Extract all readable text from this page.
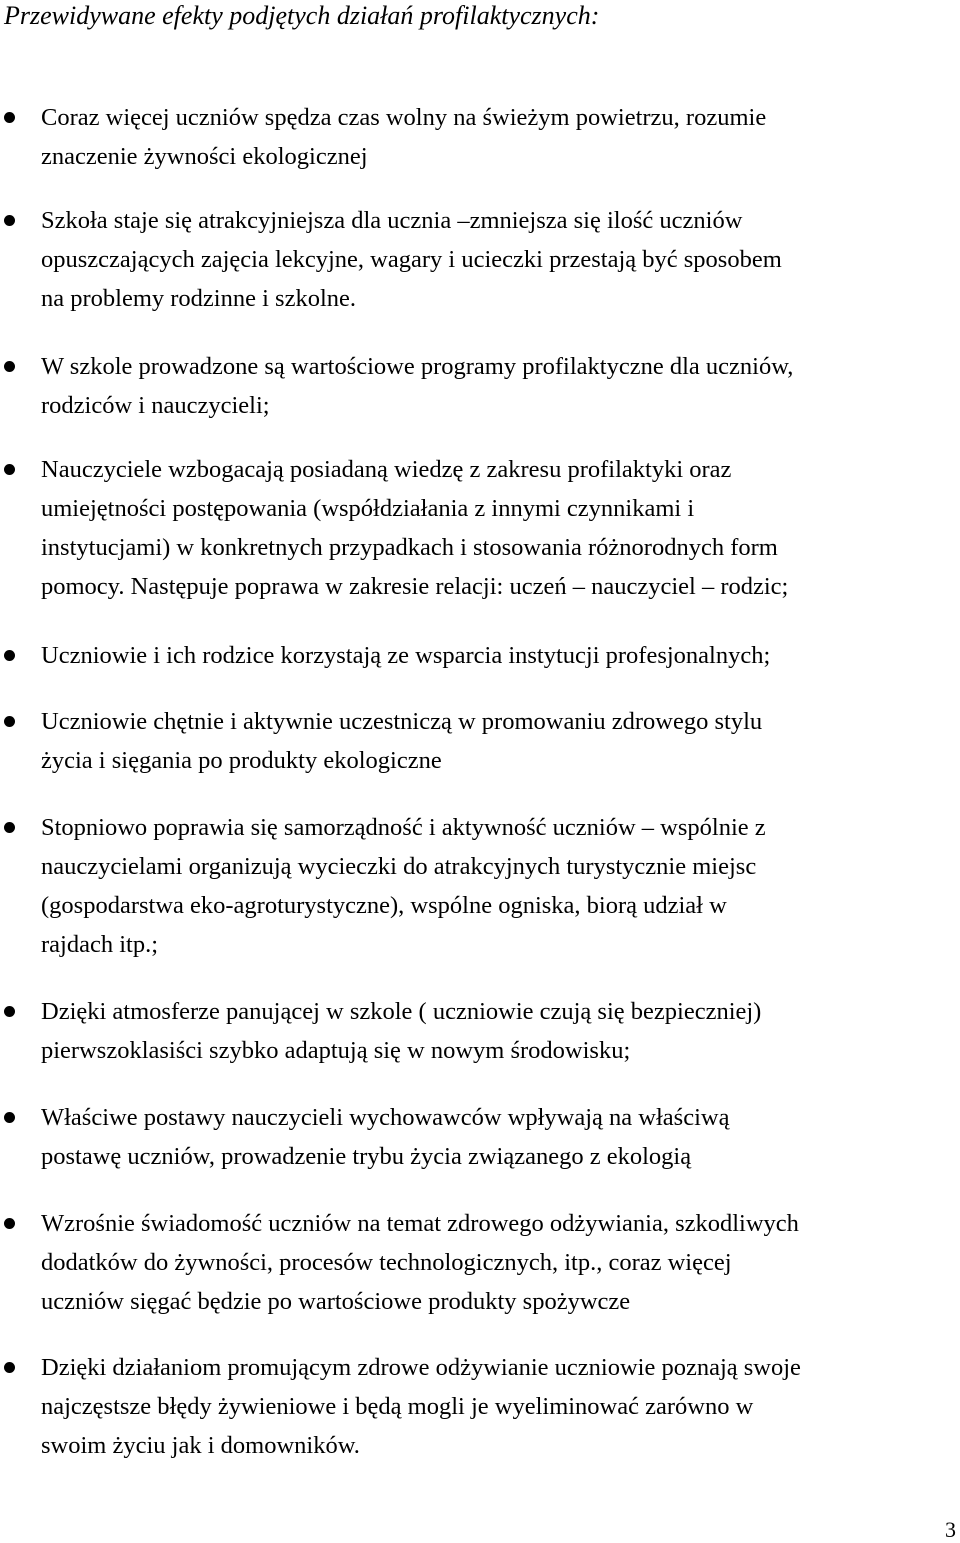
Przewidywane efekty podjętych działań profilaktycznych:

Coraz więcej uczniów spędza czas wolny na świeżym powietrzu, rozumie

znaczenie żywności ekologicznej

Szkoła staje się atrakcyjniejsza dla ucznia –zmniejsza się ilość uczniów

opuszczających zajęcia lekcyjne, wagary i ucieczki przestają być sposobem

na problemy rodzinne i szkolne.

W szkole prowadzone są wartościowe programy profilaktyczne dla uczniów,

rodziców i nauczycieli;

Nauczyciele wzbogacają posiadaną wiedzę z zakresu profilaktyki oraz

umiejętności postępowania (współdziałania z innymi czynnikami i

instytucjami) w konkretnych przypadkach i stosowania różnorodnych form

pomocy. Następuje poprawa w zakresie relacji: uczeń – nauczyciel – rodzic;

Uczniowie i ich rodzice korzystają ze wsparcia instytucji profesjonalnych;

Uczniowie chętnie i aktywnie uczestniczą w promowaniu zdrowego stylu

życia i sięgania po produkty ekologiczne

Stopniowo poprawia się samorządność i aktywność uczniów – wspólnie z

nauczycielami organizują wycieczki do atrakcyjnych turystycznie miejsc

(gospodarstwa eko-agroturystyczne), wspólne ogniska, biorą udział w

rajdach itp.;

Dzięki atmosferze panującej w szkole ( uczniowie czują się bezpieczniej)

pierwszoklasiści szybko adaptują się w nowym środowisku;

Właściwe postawy nauczycieli wychowawców wpływają na właściwą

postawę uczniów, prowadzenie trybu życia związanego z ekologią

Wzrośnie świadomość uczniów na temat zdrowego odżywiania, szkodliwych

dodatków do żywności, procesów technologicznych, itp., coraz więcej

uczniów sięgać będzie po wartościowe produkty spożywcze

Dzięki działaniom promującym zdrowe odżywianie uczniowie poznają swoje

najczęstsze błędy żywieniowe i będą mogli je wyeliminować zarówno w

swoim życiu jak i domowników.

3
